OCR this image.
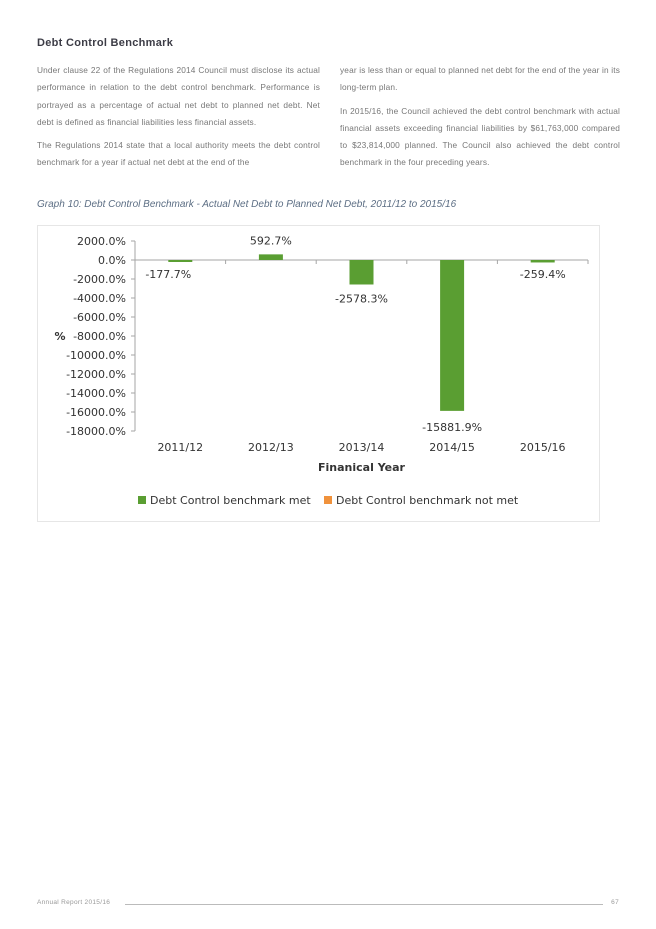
Debt Control Benchmark

Under clause 22 of the Regulations 2014 Council must disclose its actual performance in relation to the debt control benchmark. Performance is portrayed as a percentage of actual net debt to planned net debt. Net debt is defined as financial liabilities less financial assets.

The Regulations 2014 state that a local authority meets the debt control benchmark for a year if actual net debt at the end of the

year is less than or equal to planned net debt for the end of the year in its long-term plan.

In 2015/16, the Council achieved the debt control benchmark with actual financial assets exceeding financial liabilities by $61,763,000 compared to $23,814,000 planned. The Council also achieved the debt control benchmark in the four preceding years.

Graph 10: Debt Control Benchmark - Actual Net Debt to Planned Net Debt, 2011/12 to 2015/16
2000.0%
0.0%
-2000.0%
-4000.0%
-6000.0%
-8000.0%
-10000.0%
-12000.0%
-14000.0%
-16000.0%
-18000.0%
%
-177.7%
2011/12
592.7%
2012/13
-2578.3%
2013/14
-15881.9%
2014/15
-259.4%
2015/16
Finanical Year
Debt Control benchmark met Debt Control benchmark not met
Annual Report 2015/16	67
